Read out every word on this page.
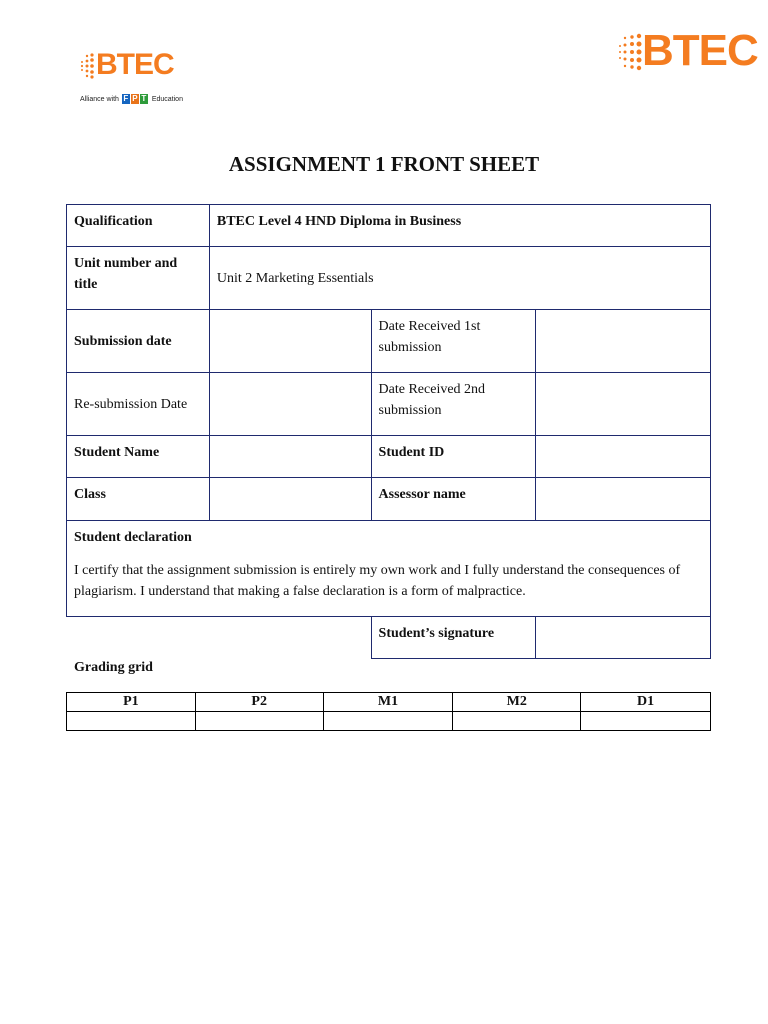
BTEC
Alliance with F P T Education
BTEC
ASSIGNMENT 1 FRONT SHEET
Qualification	BTEC Level 4 HND Diploma in Business		
Unit number and title	Unit 2 Marketing Essentials		
Submission date		Date Received 1st submission	
Re-submission Date		Date Received 2nd submission	
Student Name		Student ID	
Class		Assessor name	

Student declaration
I certify that the assignment submission is entirely my own work and I fully understand the consequences of plagiarism. I understand that making a false declaration is a form of malpractice.			

		Student’s signature	
Grading grid
P1	P2	M1	M2	D1
